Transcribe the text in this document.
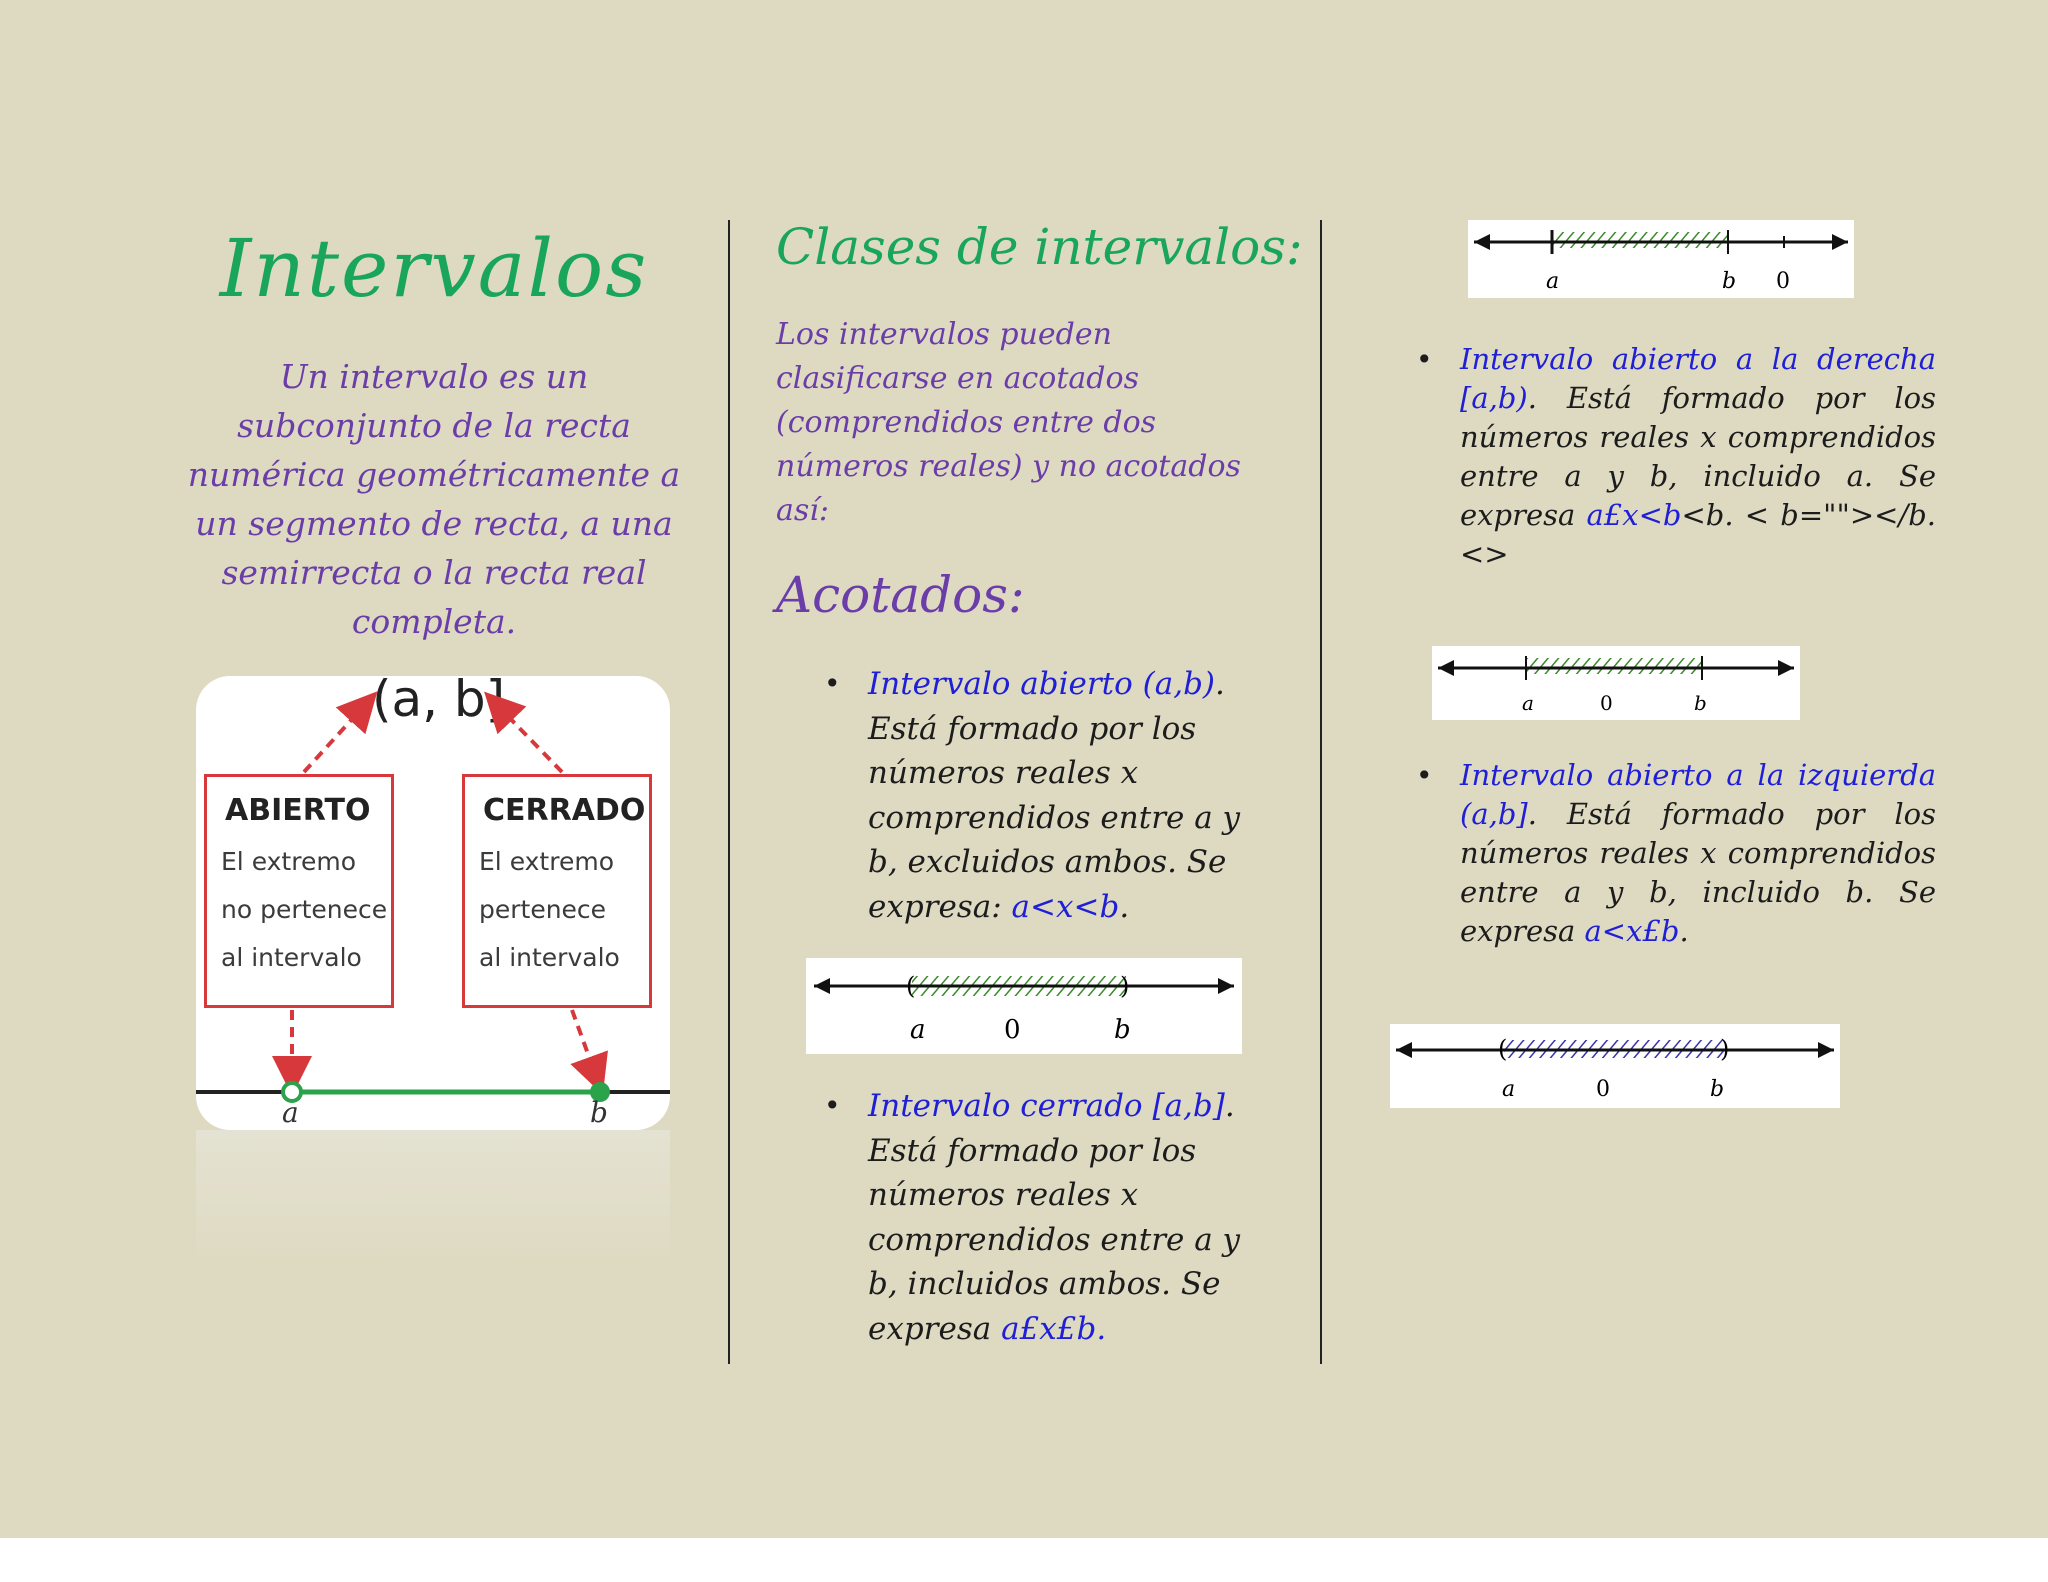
Intervalos
Un intervalo es un subconjunto de la recta numérica geométricamente a un segmento de recta, a una semirrecta o la recta real completa.
(a, b]
ABIERTO
El extremo
no pertenece
al intervalo
CERRADO
El extremo
pertenece
al intervalo
a	b
Clases de intervalos:
Los intervalos pueden clasificarse en acotados (comprendidos entre dos números reales) y no acotados así:
Acotados:
• Intervalo abierto (a,b). Está formado por los números reales x comprendidos entre a y b, excluidos ambos. Se expresa: a<x<b.
(	)
a	0	b
• Intervalo cerrado [a,b]. Está formado por los números reales x comprendidos entre a y b, incluidos ambos. Se expresa a£x£b.
a	b 0
• Intervalo abierto a la derecha [a,b). Está formado por los números reales x comprendidos entre a y b, incluido a. Se expresa a£x<b<b. < b=""></b. <>
a	0	b
• Intervalo abierto a la izquierda (a,b]. Está formado por los números reales x comprendidos entre a y b, incluido b. Se expresa a<x£b.
(	)
a	0	b
